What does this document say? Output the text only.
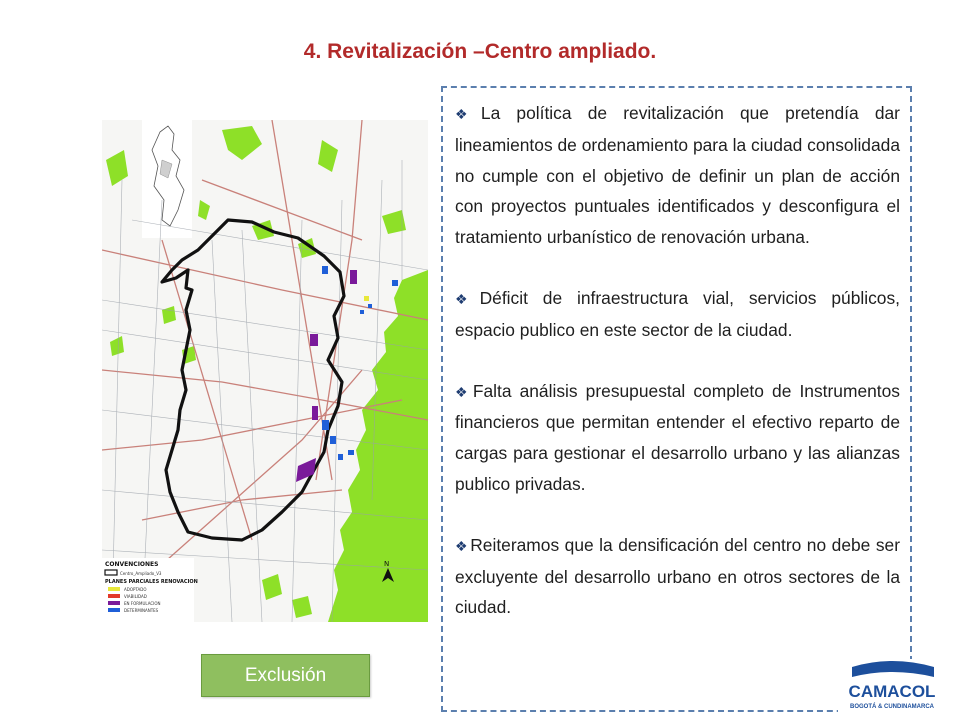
4. Revitalización –Centro ampliado.
N
CONVENCIONES
Centro_Ampliado_V3
PLANES PARCIALES RENOVACION
ADOPTADO
VIABILIDAD
EN FORMULACION
DETERMINANTES

❖ La política de revitalización que pretendía dar lineamientos de ordenamiento para la ciudad consolidada no cumple con el objetivo de definir un plan de acción con proyectos puntuales identificados y desconfigura el tratamiento urbanístico de renovación urbana.

❖ Déficit de infraestructura vial, servicios públicos, espacio publico en este sector de la ciudad.

❖ Falta análisis presupuestal completo de Instrumentos financieros que permitan entender el efectivo reparto de cargas para gestionar el desarrollo urbano y las alianzas publico privadas.

❖ Reiteramos que la densificación del centro no debe ser excluyente del desarrollo urbano en otros sectores de la ciudad.

Exclusión
CAMACOL
BOGOTÁ & CUNDINAMARCA
